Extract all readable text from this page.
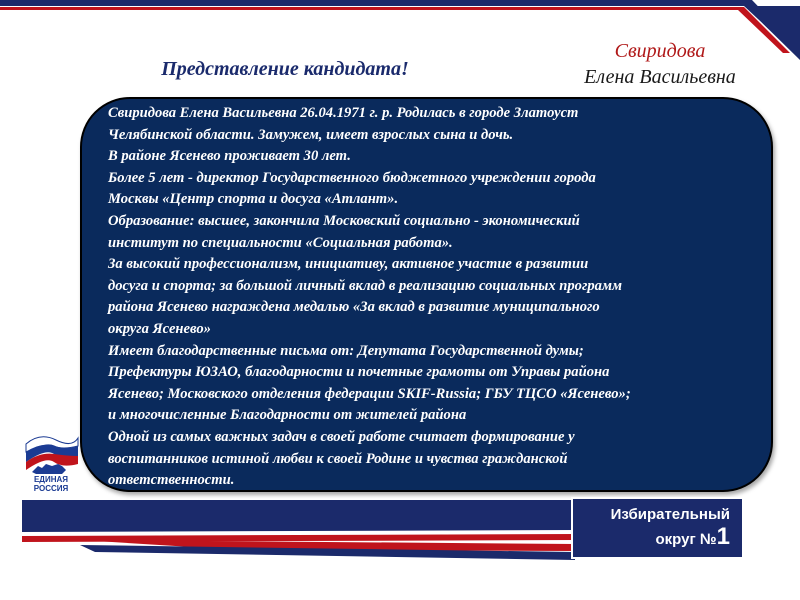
Представление кандидата!
Свиридова
Елена Васильевна
Свиридова Елена Васильевна 26.04.1971 г. р. Родилась в городе Златоуст
Челябинской области. Замужем, имеет взрослых сына и дочь.
В районе Ясенево проживает 30 лет.
Более 5 лет - директор Государственного бюджетного учреждении города
Москвы «Центр спорта и досуга «Атлант».
Образование: высшее, закончила Московский социально - экономический
институт по специальности «Социальная работа».
За высокий профессионализм, инициативу, активное участие в развитии
досуга и спорта; за большой личный вклад в реализацию социальных программ
района Ясенево награждена медалью «За вклад в развитие муниципального
округа Ясенево»
Имеет благодарственные письма от: Депутата Государственной думы;
Префектуры ЮЗАО, благодарности и почетные грамоты от Управы района
Ясенево; Московского отделения федерации SKIF-Russia; ГБУ ТЦСО «Ясенево»;
и многочисленные Благодарности от жителей района
Одной из самых важных задач в своей работе считает формирование у
воспитанников истиной любви к своей Родине и чувства гражданской
ответственности.
ЕДИНАЯ
РОССИЯ
Избирательный
округ №1
